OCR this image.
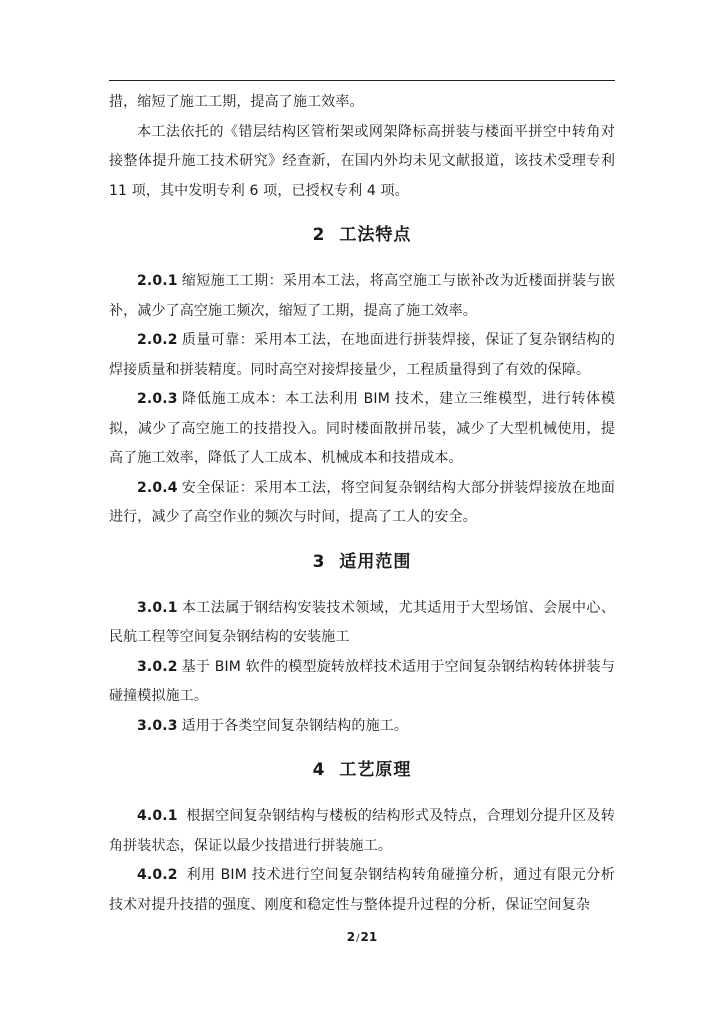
措，缩短了施工工期，提高了施工效率。

本工法依托的《错层结构区管桁架或网架降标高拼装与楼面平拼空中转角对接整体提升施工技术研究》经查新，在国内外均未见文献报道，该技术受理专利 11 项，其中发明专利 6 项，已授权专利 4 项。

2 工法特点

2.0.1 缩短施工工期：采用本工法，将高空施工与嵌补改为近楼面拼装与嵌补，减少了高空施工频次，缩短了工期，提高了施工效率。

2.0.2 质量可靠：采用本工法，在地面进行拼装焊接，保证了复杂钢结构的焊接质量和拼装精度。同时高空对接焊接量少，工程质量得到了有效的保障。

2.0.3 降低施工成本：本工法利用 BIM 技术，建立三维模型，进行转体模拟，减少了高空施工的技措投入。同时楼面散拼吊装，减少了大型机械使用，提高了施工效率，降低了人工成本、机械成本和技措成本。

2.0.4 安全保证：采用本工法，将空间复杂钢结构大部分拼装焊接放在地面进行，减少了高空作业的频次与时间，提高了工人的安全。

3 适用范围

3.0.1 本工法属于钢结构安装技术领域，尤其适用于大型场馆、会展中心、民航工程等空间复杂钢结构的安装施工

3.0.2 基于 BIM 软件的模型旋转放样技术适用于空间复杂钢结构转体拼装与碰撞模拟施工。

3.0.3 适用于各类空间复杂钢结构的施工。

4 工艺原理

4.0.1 根据空间复杂钢结构与楼板的结构形式及特点，合理划分提升区及转角拼装状态，保证以最少技措进行拼装施工。

4.0.2 利用 BIM 技术进行空间复杂钢结构转角碰撞分析，通过有限元分析技术对提升技措的强度、刚度和稳定性与整体提升过程的分析，保证空间复杂

2/21
